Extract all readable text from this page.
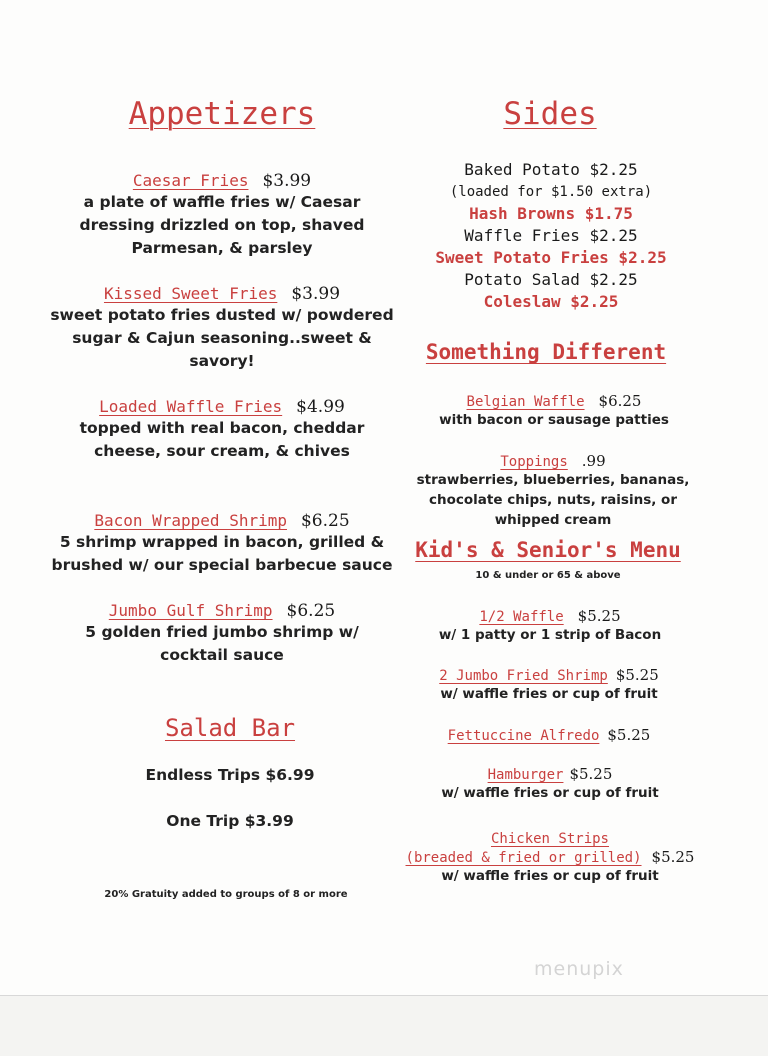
Appetizers
Caesar Fries $3.99
a plate of waffle fries w/ Caesar
dressing drizzled on top, shaved
Parmesan, & parsley
Kissed Sweet Fries $3.99
sweet potato fries dusted w/ powdered
sugar & Cajun seasoning..sweet &
savory!
Loaded Waffle Fries $4.99
topped with real bacon, cheddar
cheese, sour cream, & chives
Bacon Wrapped Shrimp $6.25
5 shrimp wrapped in bacon, grilled &
brushed w/ our special barbecue sauce
Jumbo Gulf Shrimp $6.25
5 golden fried jumbo shrimp w/
cocktail sauce
Salad Bar
Endless Trips $6.99
One Trip $3.99
20% Gratuity added to groups of 8 or more
Sides
Baked Potato $2.25
(loaded for $1.50 extra)
Hash Browns $1.75
Waffle Fries $2.25
Sweet Potato Fries $2.25
Potato Salad $2.25
Coleslaw $2.25
Something Different
Belgian Waffle $6.25
with bacon or sausage patties
Toppings .99
strawberries, blueberries, bananas,
chocolate chips, nuts, raisins, or
whipped cream
Kid's & Senior's Menu
10 & under or 65 & above
1/2 Waffle $5.25
w/ 1 patty or 1 strip of Bacon
2 Jumbo Fried Shrimp $5.25
w/ waffle fries or cup of fruit
Fettuccine Alfredo $5.25
Hamburger $5.25
w/ waffle fries or cup of fruit
Chicken Strips
(breaded & fried or grilled) $5.25
w/ waffle fries or cup of fruit
menupix
